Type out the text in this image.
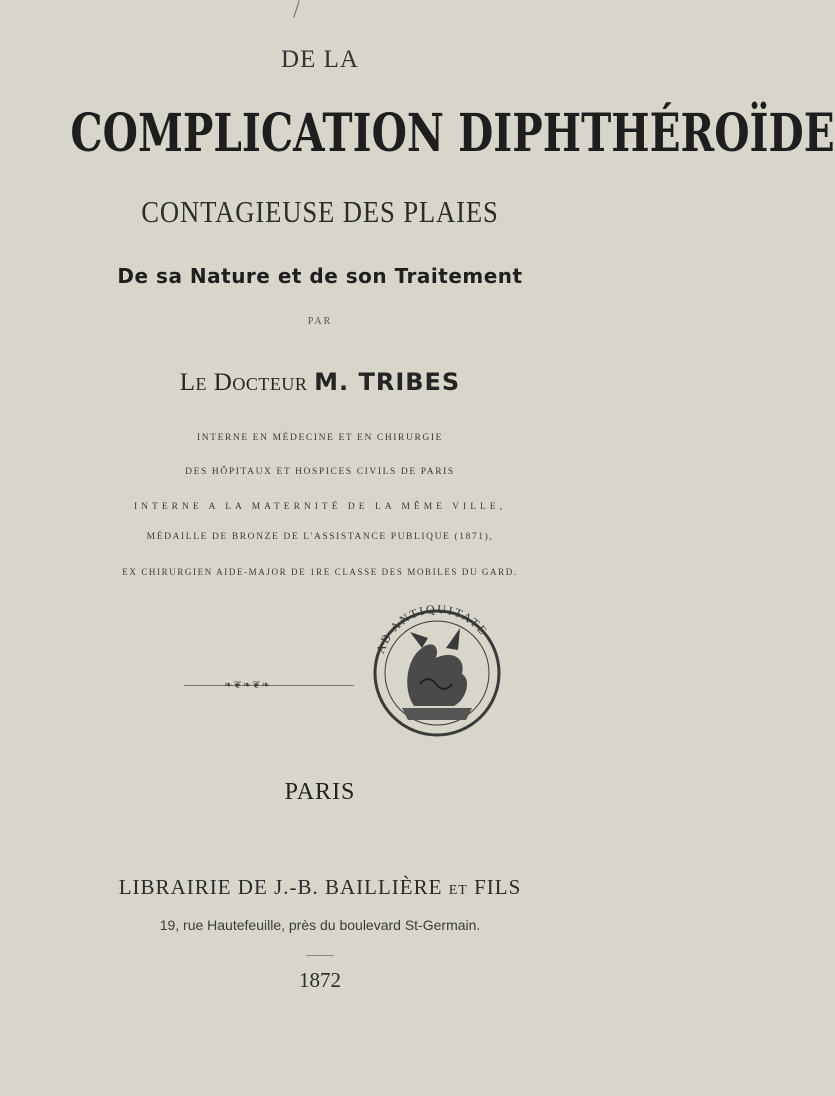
DE LA
COMPLICATION DIPHTHÉROÏDE
CONTAGIEUSE DES PLAIES
De sa Nature et de son Traitement
PAR
Le Docteur M. TRIBES
INTERNE EN MÉDECINE ET EN CHIRURGIE
DES HÔPITAUX ET HOSPICES CIVILS DE PARIS
INTERNE A LA MATERNITÉ DE LA MÊME VILLE,
MÉDAILLE DE BRONZE DE L'ASSISTANCE PUBLIQUE (1871),
EX CHIRURGIEN AIDE-MAJOR DE 1RE CLASSE DES MOBILES DU GARD.
❧❦❧❦❧
AB ANTIQUITATE
PARIS
LIBRAIRIE DE J.-B. BAILLIÈRE ET FILS
19, rue Hautefeuille, près du boulevard St-Germain.
1872
